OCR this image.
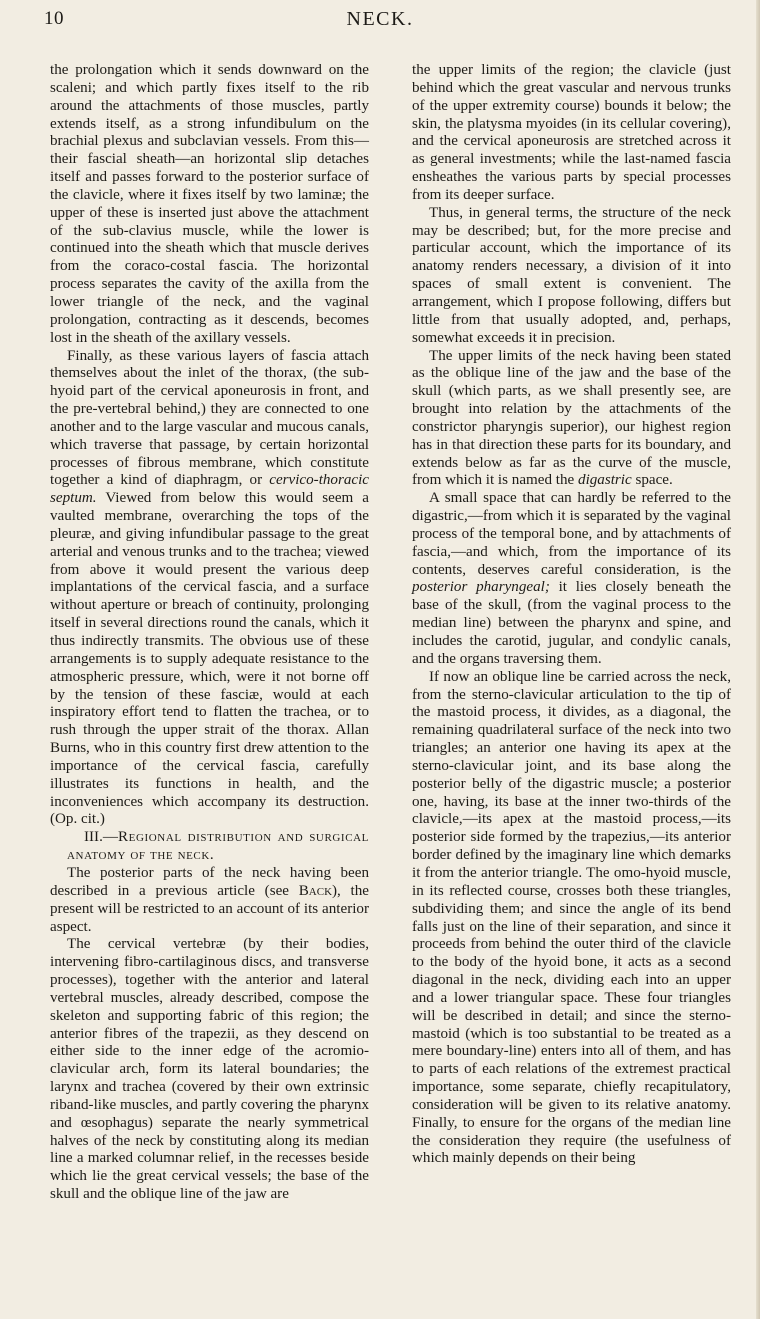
10	NECK.

the prolongation which it sends downward on the scaleni; and which partly fixes itself to the rib around the attachments of those muscles, partly extends itself, as a strong infundibulum on the brachial plexus and subclavian vessels. From this—their fascial sheath—an horizontal slip detaches itself and passes forward to the posterior surface of the clavicle, where it fixes itself by two laminæ; the upper of these is inserted just above the attachment of the sub-clavius muscle, while the lower is continued into the sheath which that muscle derives from the coraco-costal fascia. The horizontal process separates the cavity of the axilla from the lower triangle of the neck, and the vaginal prolongation, contracting as it descends, becomes lost in the sheath of the axillary vessels.

Finally, as these various layers of fascia attach themselves about the inlet of the thorax, (the sub-hyoid part of the cervical aponeurosis in front, and the pre-vertebral behind,) they are connected to one another and to the large vascular and mucous canals, which traverse that passage, by certain horizontal processes of fibrous membrane, which constitute together a kind of diaphragm, or cervico-thoracic septum. Viewed from below this would seem a vaulted membrane, overarching the tops of the pleuræ, and giving infundibular passage to the great arterial and venous trunks and to the trachea; viewed from above it would present the various deep implantations of the cervical fascia, and a surface without aperture or breach of continuity, prolonging itself in several directions round the canals, which it thus indirectly transmits. The obvious use of these arrangements is to supply adequate resistance to the atmospheric pressure, which, were it not borne off by the tension of these fasciæ, would at each inspiratory effort tend to flatten the trachea, or to rush through the upper strait of the thorax. Allan Burns, who in this country first drew attention to the importance of the cervical fascia, carefully illustrates its functions in health, and the inconveniences which accompany its destruction. (Op. cit.)

III.—Regional distribution and surgical anatomy of the neck.

The posterior parts of the neck having been described in a previous article (see Back), the present will be restricted to an account of its anterior aspect.

The cervical vertebræ (by their bodies, intervening fibro-cartilaginous discs, and transverse processes), together with the anterior and lateral vertebral muscles, already described, compose the skeleton and supporting fabric of this region; the anterior fibres of the trapezii, as they descend on either side to the inner edge of the acromio-clavicular arch, form its lateral boundaries; the larynx and trachea (covered by their own extrinsic riband-like muscles, and partly covering the pharynx and œsophagus) separate the nearly symmetrical halves of the neck by constituting along its median line a marked columnar relief, in the recesses beside which lie the great cervical vessels; the base of the skull and the oblique line of the jaw are

the upper limits of the region; the clavicle (just behind which the great vascular and nervous trunks of the upper extremity course) bounds it below; the skin, the platysma myoides (in its cellular covering), and the cervical aponeurosis are stretched across it as general investments; while the last-named fascia ensheathes the various parts by special processes from its deeper surface.

Thus, in general terms, the structure of the neck may be described; but, for the more precise and particular account, which the importance of its anatomy renders necessary, a division of it into spaces of small extent is convenient. The arrangement, which I propose following, differs but little from that usually adopted, and, perhaps, somewhat exceeds it in precision.

The upper limits of the neck having been stated as the oblique line of the jaw and the base of the skull (which parts, as we shall presently see, are brought into relation by the attachments of the constrictor pharyngis superior), our highest region has in that direction these parts for its boundary, and extends below as far as the curve of the muscle, from which it is named the digastric space.

A small space that can hardly be referred to the digastric,—from which it is separated by the vaginal process of the temporal bone, and by attachments of fascia,—and which, from the importance of its contents, deserves careful consideration, is the posterior pharyngeal; it lies closely beneath the base of the skull, (from the vaginal process to the median line) between the pharynx and spine, and includes the carotid, jugular, and condylic canals, and the organs traversing them.

If now an oblique line be carried across the neck, from the sterno-clavicular articulation to the tip of the mastoid process, it divides, as a diagonal, the remaining quadrilateral surface of the neck into two triangles; an anterior one having its apex at the sterno-clavicular joint, and its base along the posterior belly of the digastric muscle; a posterior one, having, its base at the inner two-thirds of the clavicle,—its apex at the mastoid process,—its posterior side formed by the trapezius,—its anterior border defined by the imaginary line which demarks it from the anterior triangle. The omo-hyoid muscle, in its reflected course, crosses both these triangles, subdividing them; and since the angle of its bend falls just on the line of their separation, and since it proceeds from behind the outer third of the clavicle to the body of the hyoid bone, it acts as a second diagonal in the neck, dividing each into an upper and a lower triangular space. These four triangles will be described in detail; and since the sterno-mastoid (which is too substantial to be treated as a mere boundary-line) enters into all of them, and has to parts of each relations of the extremest practical importance, some separate, chiefly recapitulatory, consideration will be given to its relative anatomy. Finally, to ensure for the organs of the median line the consideration they require (the usefulness of which mainly depends on their being
